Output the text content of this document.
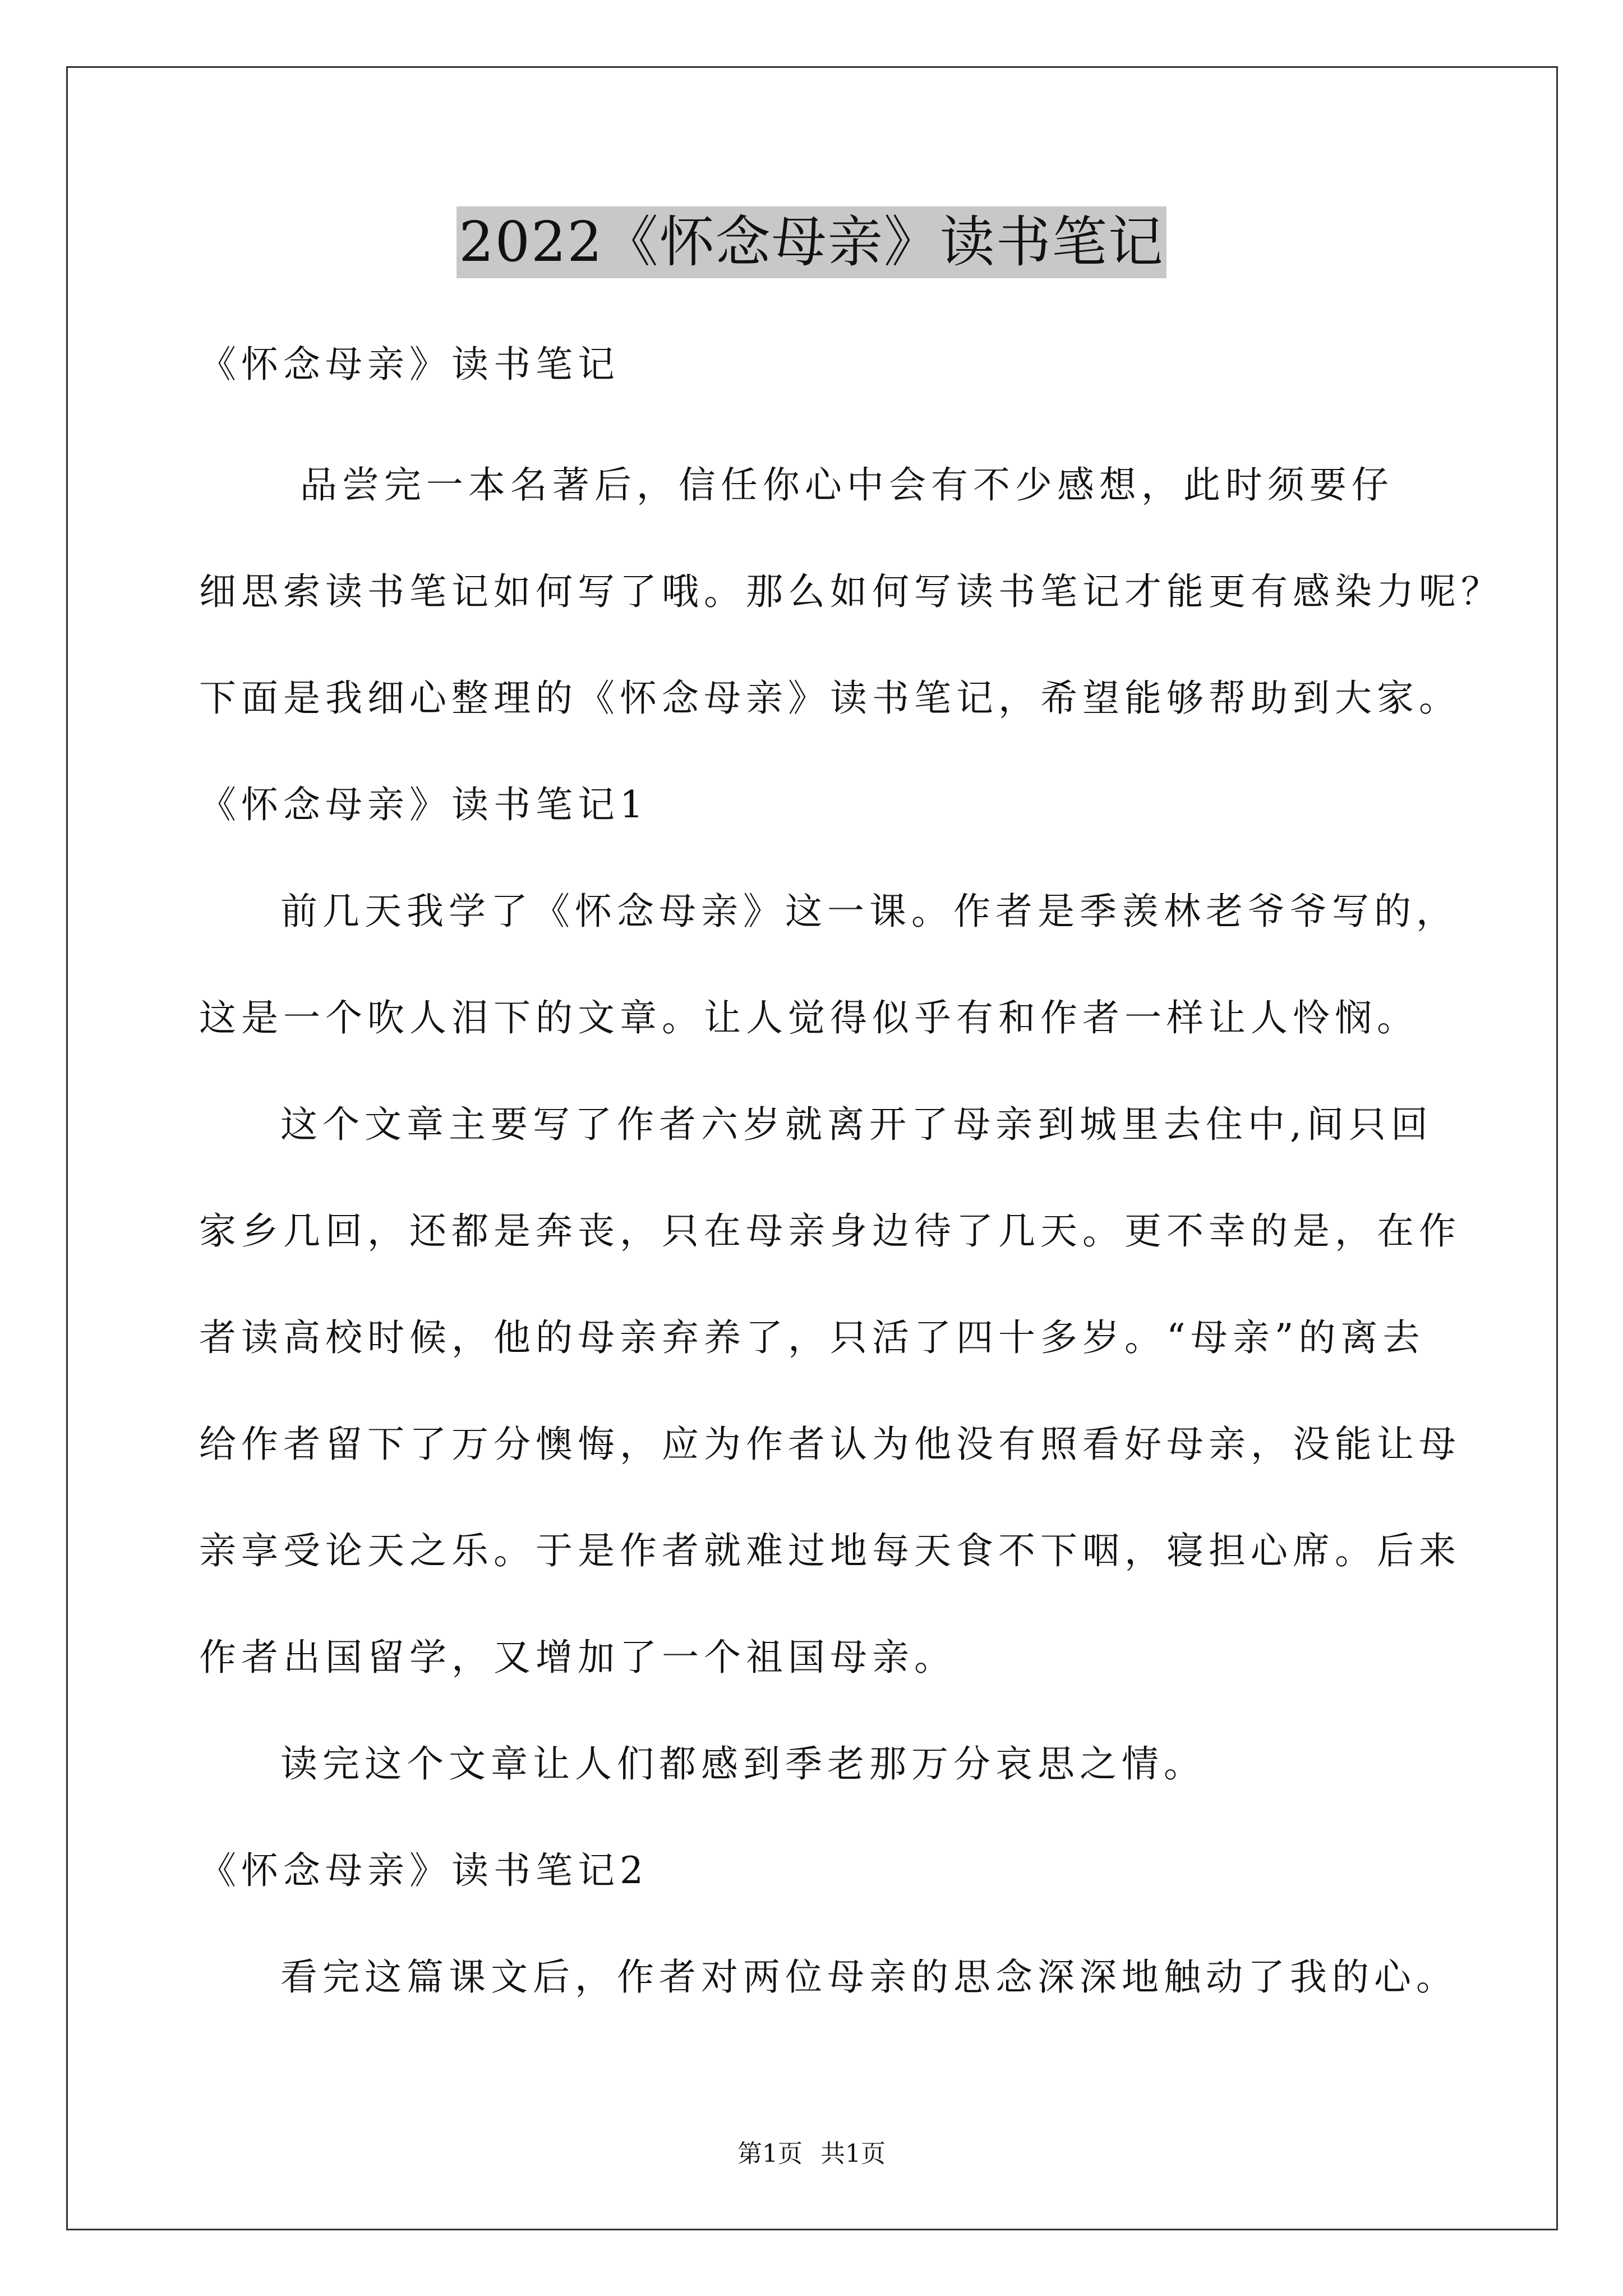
2022《怀念母亲》读书笔记
《怀念母亲》读书笔记
品尝完一本名著后，信任你心中会有不少感想，此时须要仔
细思索读书笔记如何写了哦。那么如何写读书笔记才能更有感染力呢？
下面是我细心整理的《怀念母亲》读书笔记，希望能够帮助到大家。
《怀念母亲》读书笔记1
前几天我学了《怀念母亲》这一课。作者是季羡林老爷爷写的，
这是一个吹人泪下的文章。让人觉得似乎有和作者一样让人怜悯。
这个文章主要写了作者六岁就离开了母亲到城里去住中,间只回
家乡几回，还都是奔丧，只在母亲身边待了几天。更不幸的是，在作
者读高校时候，他的母亲弃养了，只活了四十多岁。“母亲”的离去
给作者留下了万分懊悔，应为作者认为他没有照看好母亲，没能让母
亲享受论天之乐。于是作者就难过地每天食不下咽，寝担心席。后来
作者出国留学，又增加了一个祖国母亲。
读完这个文章让人们都感到季老那万分哀思之情。
《怀念母亲》读书笔记2
看完这篇课文后，作者对两位母亲的思念深深地触动了我的心。
第1页 共1页
